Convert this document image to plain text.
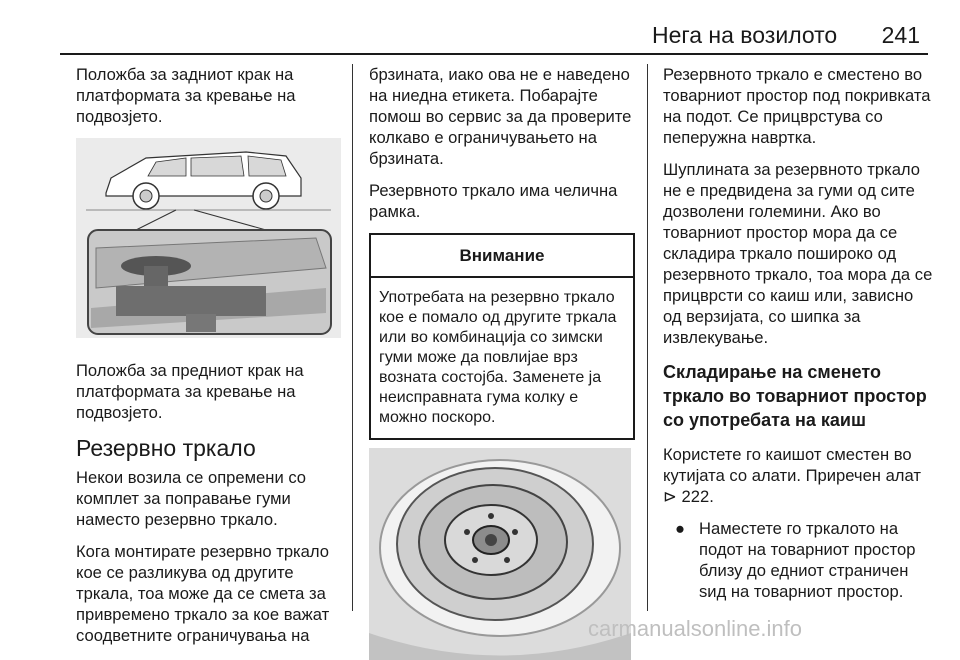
Нега на возилото 241

Положба за задниот крак на платформата за кревање на подвозјето.

Положба за предниот крак на платформата за кревање на подвозјето.

Резервно тркало

Некои возила се опремени со комплет за поправање гуми наместо резервно тркало.

Кога монтирате резервно тркало кое се разликува од другите тркала, тоа може да се смета за привремено тркало за кое важат соодветните ограничувања на

брзината, иако ова не е наведено на ниедна етикета. Побарајте помош во сервис за да проверите колкаво е ограничувањето на брзината.

Резервното тркало има челична рамка.

Внимание
Употребата на резервно тркало кое е помало од другите тркала или во комбинација со зимски гуми може да повлијае врз возната состојба. Заменете ја неисправната гума колку е можно поскоро.

Резервното тркало е сместено во товарниот простор под покривката на подот. Се прицврстува со пеперужна навртка.

Шуплината за резервното тркало не е предвидена за гуми од сите дозволени големини. Ако во товарниот простор мора да се складира тркало пошироко од резервното тркало, тоа мора да се прицврсти со каиш или, зависно од верзијата, со шипка за извлекување.

Складирање на сменето тркало во товарниот простор со употребата на каиш

Користете го каишот сместен во кутијата со алати. Приречен алат
⊳ 222.

● Наместете го тркалото на подот на товарниот простор близу до едниот страничен sид на товарниот простор.
carmanualsonline.info
